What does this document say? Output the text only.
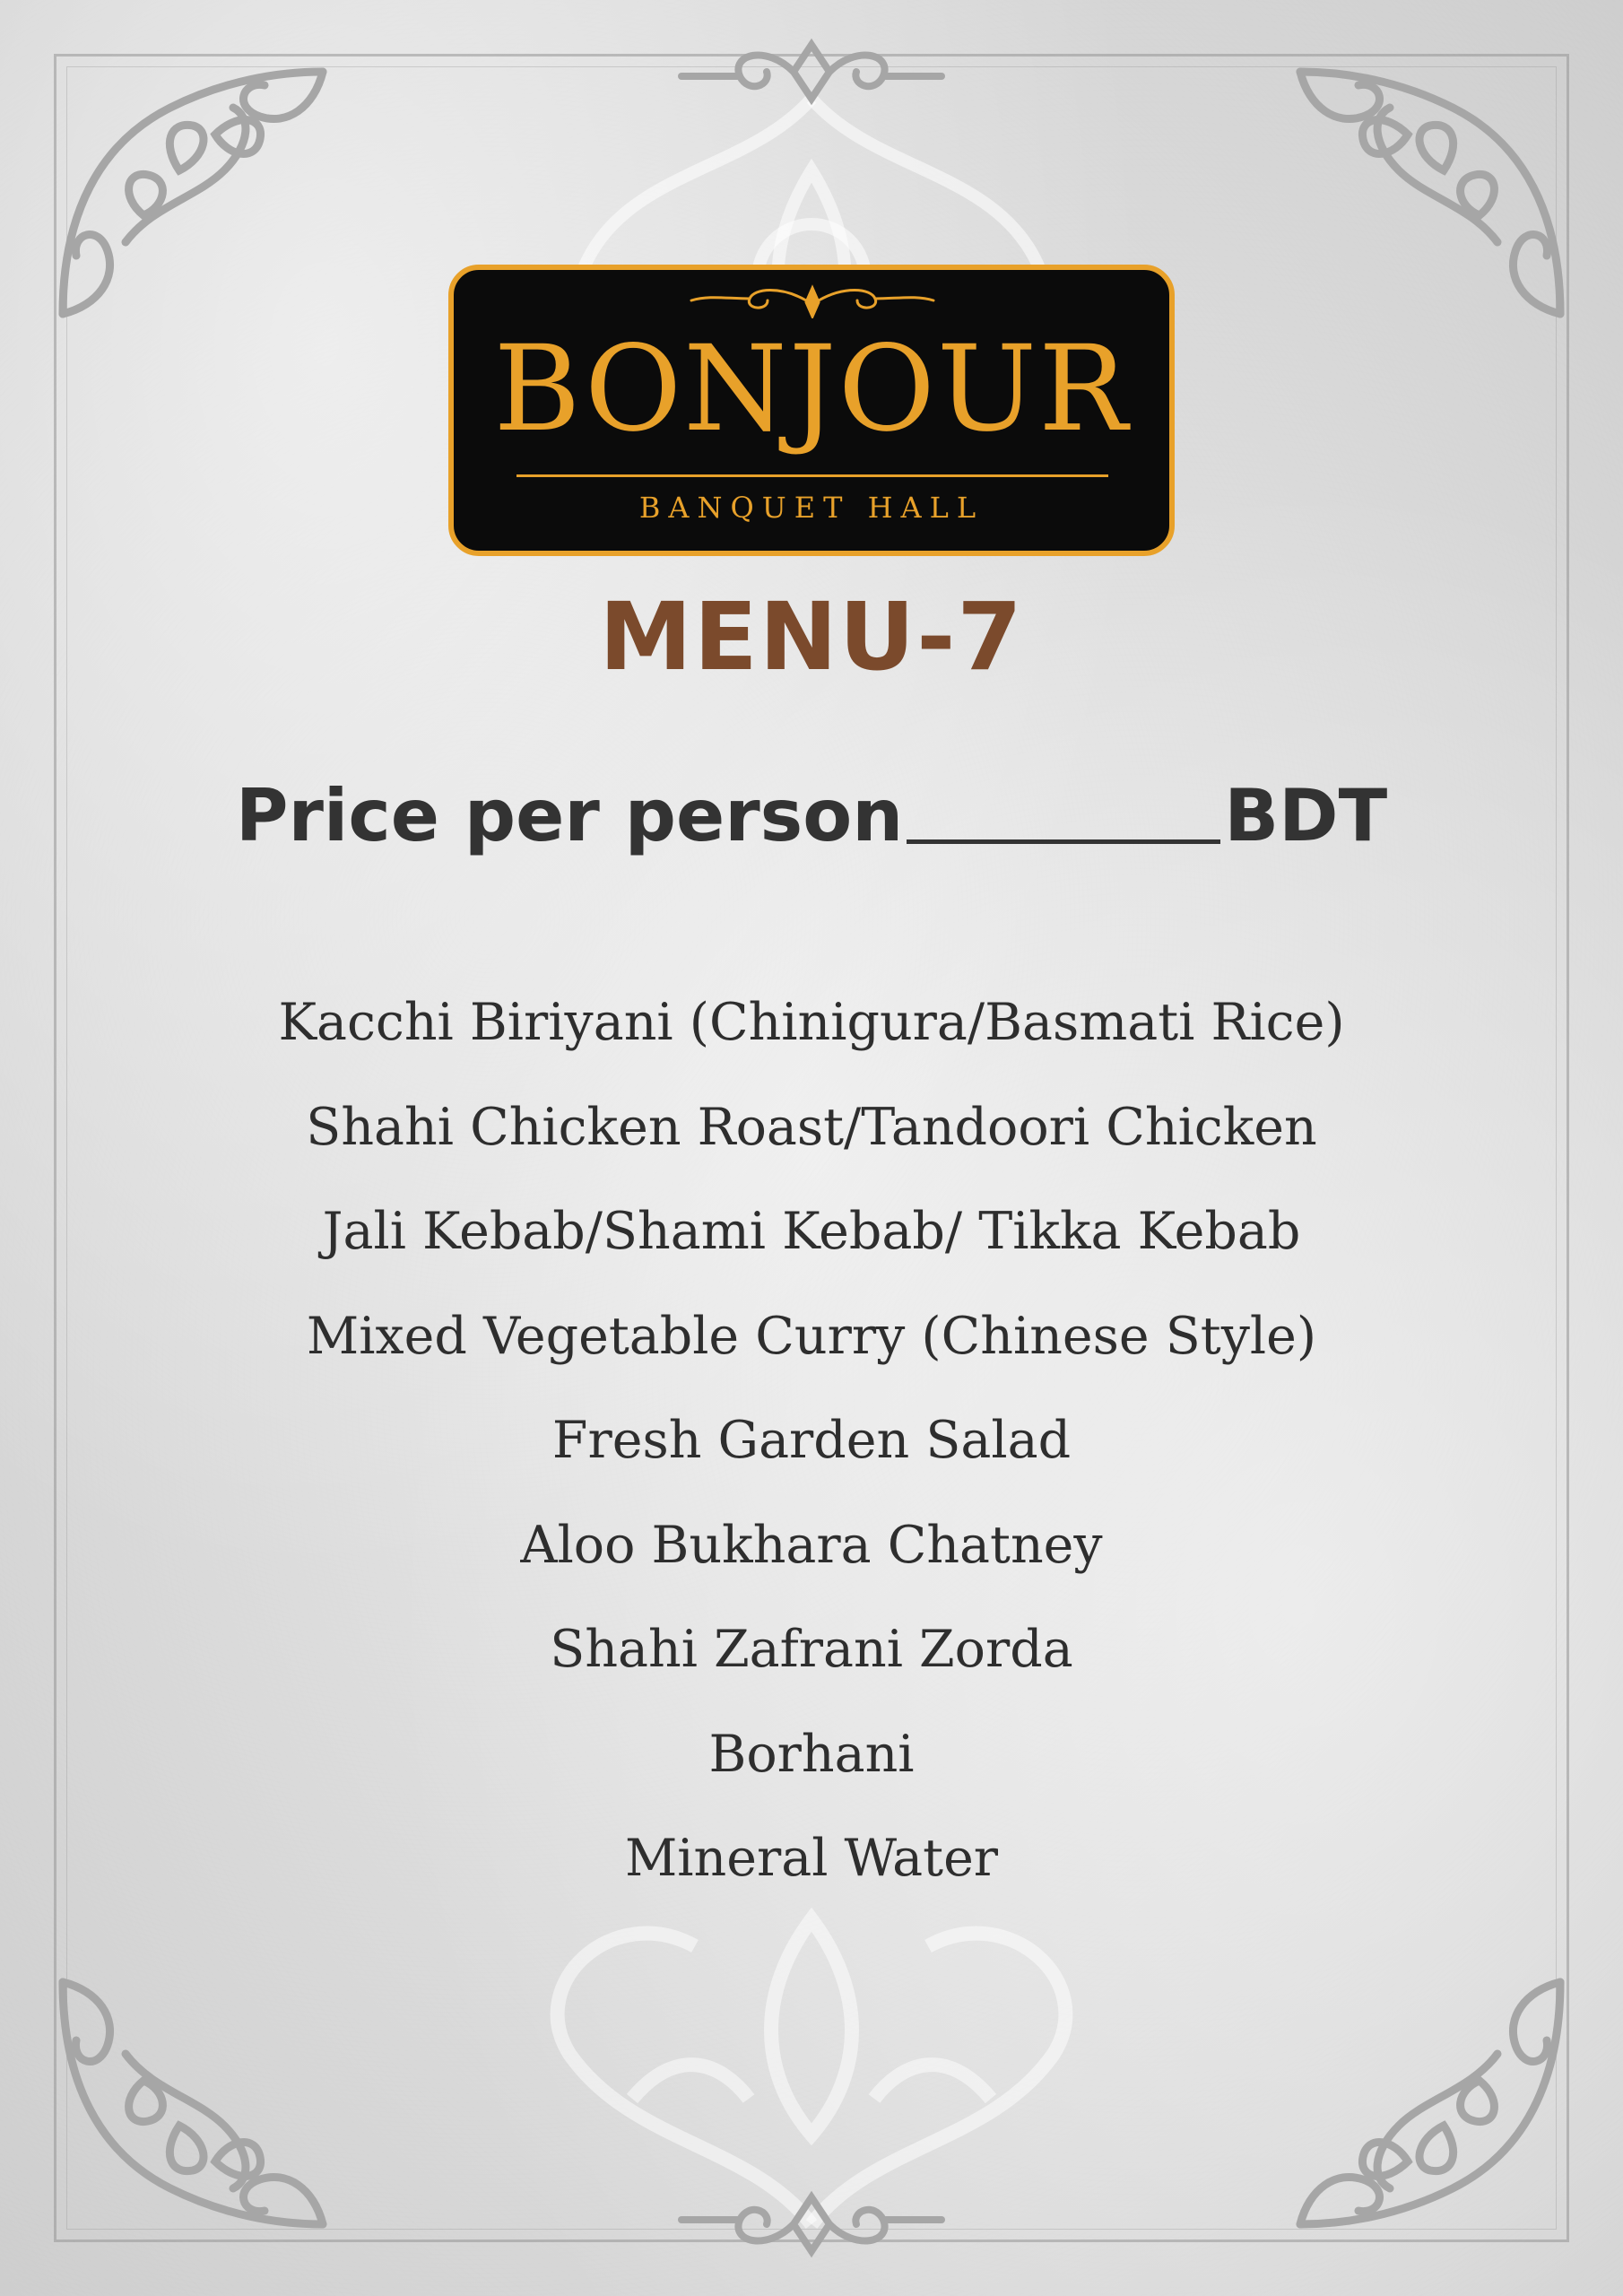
BONJOUR
BANQUET HALL
MENU-7
Price per person	BDT
Kacchi Biriyani (Chinigura/Basmati Rice)
Shahi Chicken Roast/Tandoori Chicken
Jali Kebab/Shami Kebab/ Tikka Kebab
Mixed Vegetable Curry (Chinese Style)
Fresh Garden Salad
Aloo Bukhara Chatney
Shahi Zafrani Zorda
Borhani
Mineral Water
